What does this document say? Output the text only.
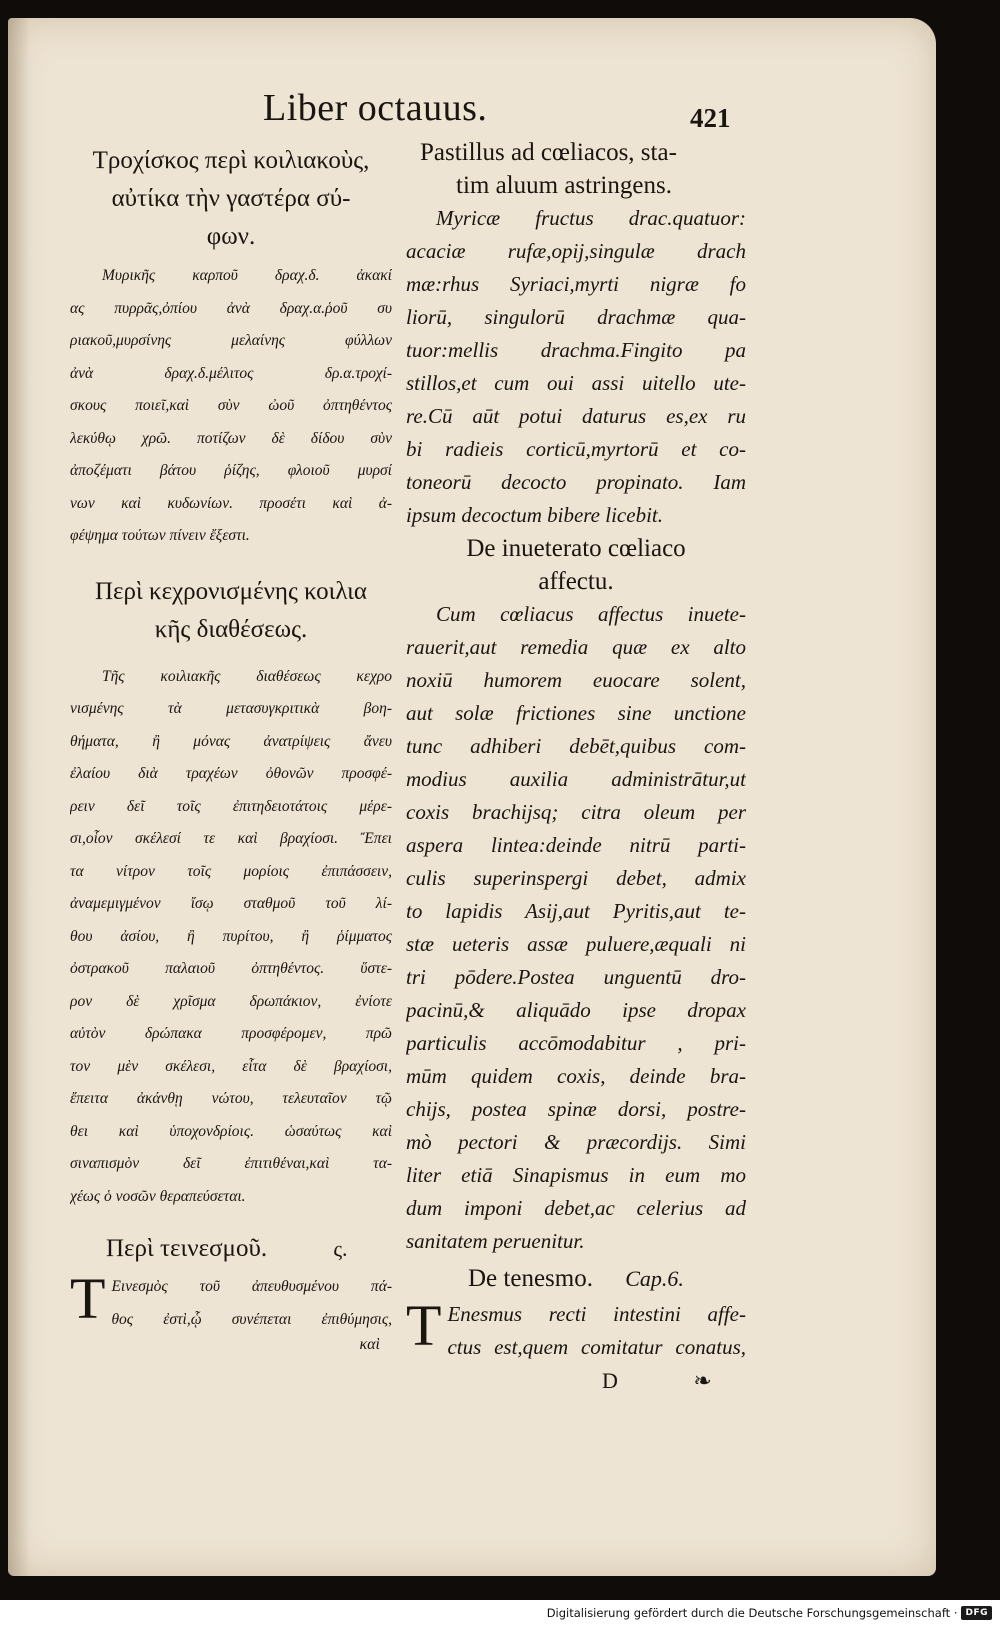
Liber octauus.	421
Τροχίσκος περὶ κοιλιακοὺς,
αὐτίκα τὴν γαστέρα σύ-
φων.
Μυρικῆς καρποῦ δραχ.δ. ἀκακί
ας πυρρᾶς,ὀπίου ἀνὰ δραχ.α.ῥοῦ συ
ριακοῦ,μυρσίνης μελαίνης φύλλων
ἀνὰ δραχ.δ.μέλιτος δρ.α.τροχί-
σκους ποιεῖ,καὶ σὺν ὠοῦ ὀπτηθέντος
λεκύθῳ χρῶ. ποτίζων δὲ δίδου σὺν
ἀποζέματι βάτου ῥίζης, φλοιοῦ μυρσί
νων καὶ κυδωνίων. προσέτι καὶ ἀ-
φέψημα τούτων πίνειν ἔξεστι.
Περὶ κεχρονισμένης κοιλια
κῆς διαθέσεως.
Τῆς κοιλιακῆς διαθέσεως κεχρο
νισμένης τὰ μετασυγκριτικὰ βοη-
θήματα, ἢ μόνας ἀνατρίψεις ἄνευ
ἐλαίου διὰ τραχέων ὀθονῶν προσφέ-
ρειν δεῖ τοῖς ἐπιτηδειοτάτοις μέρε-
σι,οἷον σκέλεσί τε καὶ βραχίοσι. Ἔπει
τα νίτρον τοῖς μορίοις ἐπιπάσσειν,
ἀναμεμιγμένον ἴσῳ σταθμοῦ τοῦ λί-
θου ἀσίου, ἢ πυρίτου, ἢ ῥίμματος
ὀστρακοῦ παλαιοῦ ὀπτηθέντος. ὕστε-
ρον δὲ χρῖσμα δρωπάκιον, ἐνίοτε
αὐτὸν δρώπακα προσφέρομεν, πρῶ
τον μὲν σκέλεσι, εἶτα δὲ βραχίοσι,
ἔπειτα ἀκάνθῃ νώτου, τελευταῖον τῷ
θει καὶ ὑποχονδρίοις. ὡσαύτως καὶ
σιναπισμὸν δεῖ ἐπιτιθέναι,καὶ τα-
χέως ὁ νοσῶν θεραπεύσεται.
Περὶ τεινεσμοῦ.	ς.
T Εινεσμὸς τοῦ ἀπευθυσμένου πά-
θος ἐστὶ,ᾧ συνέπεται ἐπιθύμησις,
καὶ
Pastillus ad cœliacos, sta-
tim aluum astringens.
Myricæ fructus drac.quatuor:
acaciæ rufæ,opij,singulæ drach
mæ:rhus Syriaci,myrti nigræ fo
liorū, singulorū drachmæ qua-
tuor:mellis drachma.Fingito pa
stillos,et cum oui assi uitello ute-
re.Cū aūt potui daturus es,ex ru
bi radieis corticū,myrtorū et co-
toneorū decocto propinato. Iam
ipsum decoctum bibere licebit.
De inueterato cœliaco
affectu.
Cum cœliacus affectus inuete-
rauerit,aut remedia quæ ex alto
noxiū humorem euocare solent,
aut solæ frictiones sine unctione
tunc adhiberi debēt,quibus com-
modius auxilia administrātur,ut
coxis brachijsq; citra oleum per
aspera lintea:deinde nitrū parti-
culis superinspergi debet, admix
to lapidis Asij,aut Pyritis,aut te-
stæ ueteris assæ puluere,æquali ni
tri pōdere.Postea unguentū dro-
pacinū,& aliquādo ipse dropax
particulis accōmodabitur , pri-
mūm quidem coxis, deinde bra-
chijs, postea spinæ dorsi, postre-
mò pectori & præcordijs. Simi
liter etiā Sinapismus in eum mo
dum imponi debet,ac celerius ad
sanitatem peruenitur.
De tenesmo. Cap.6.
T Enesmus recti intestini affe-
ctus est,quem comitatur conatus,
D	❧
Digitalisierung gefördert durch die Deutsche Forschungsgemeinschaft · DFG
